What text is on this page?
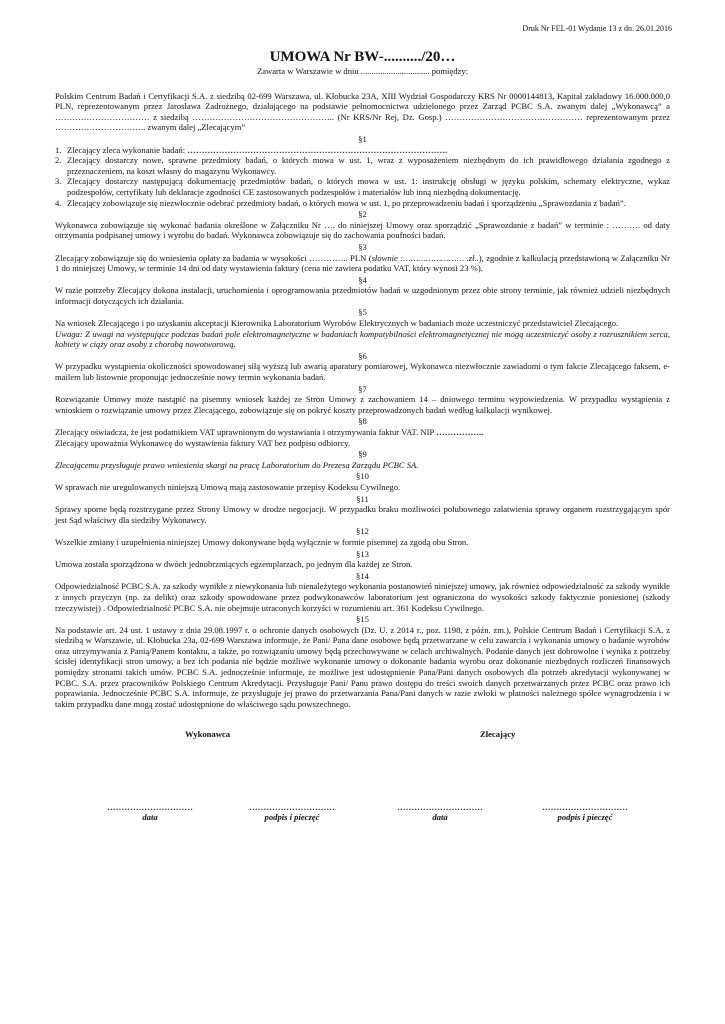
Druk Nr FEL-01 Wydanie 13 z dn. 26.01.2016
UMOWA Nr BW-........../20…
Zawarta w Warszawie w dniu ................................ pomiędzy:

Polskim Centrum Badań i Certyfikacji S.A. z siedzibą 02-699 Warszawa, ul. Kłobucka 23A, XIII Wydział Gospodarczy KRS Nr 0000144813, Kapitał zakładowy 16.000.000,0 PLN, reprezentowanym przez Jarosława Zadrożnego, działającego na podstawie pełnomocnictwa udzielonego przez Zarząd PCBC S.A. zwanym dalej „Wykonawcą” a …………………………… z siedzibą ………………………………………….. (Nr KRS/Nr Rej, Dz. Gosp.) ………………………………………… reprezentowanym przez ………………………….. zwanym dalej „Zlecającym”

§1
1. Zlecający zleca wykonanie badań: ……………………………………………………………………………….
2. Zlecający dostarczy nowe, sprawne przedmioty badań, o których mowa w ust. 1, wraz z wyposażeniem niezbędnym do ich prawidłowego działania zgodnego z przeznaczeniem, na koszt własny do magazynu Wykonawcy.
3. Zlecający dostarczy następującą dokumentację przedmiotów badań, o których mowa w ust. 1: instrukcję obsługi w języku polskim, schematy elektryczne, wykaz podzespołów, certyfikaty lub deklaracje zgodności CE zastosowanych podzespołów i materiałów lub inną niezbędną dokumentację.
4. Zlecający zobowiązuje się niezwłocznie odebrać przedmioty badań, o których mowa w ust. 1, po przeprowadzeniu badań i sporządzeniu „Sprawozdania z badań”.
§2

Wykonawca zobowiązuje się wykonać badania określone w Załączniku Nr …. do niniejszej Umowy oraz sporządzić „Sprawozdanie z badań” w terminie : ………. od daty otrzymania podpisanej umowy i wyrobu do badań. Wykonawca zobowiązuje się do zachowania poufności badań.

§3

Zlecający zobowiązuje się do wniesienia opłaty za badania w wysokości ………….. PLN (słownie :…………………… .zł..), zgodnie z kalkulacją przedstawioną w Załączniku Nr 1 do niniejszej Umowy, w terminie 14 dni od daty wystawienia faktury (cena nie zawiera podatku VAT, który wynosi 23 %).

§4

W razie potrzeby Zlecający dokona instalacji, uruchomienia i oprogramowania przedmiotów badań w uzgodnionym przez obie strony terminie, jak również udzieli niezbędnych informacji dotyczących ich działania.

§5

Na wniosek Zlecającego i po uzyskaniu akceptacji Kierownika Laboratorium Wyrobów Elektrycznych w badaniach może uczestniczyć przedstawiciel Zlecającego.

Uwaga: Z uwagi na występujące podczas badań pole elektromagnetyczne w badaniach kompatybilności elektromagnetycznej nie mogą uczestniczyć osoby z rozrusznikiem serca, kobiety w ciąży oraz osoby z chorobą nowotworową.

§6

W przypadku wystąpienia okoliczności spowodowanej siłą wyższą lub awarią aparatury pomiarowej, Wykonawca niezwłocznie zawiadomi o tym fakcie Zlecającego faksem, e-mailem lub listownie proponując jednocześnie nowy termin wykonania badań.

§7

Rozwiązanie Umowy może nastąpić na pisemny wniosek każdej ze Stron Umowy z zachowaniem 14 – dniowego terminu wypowiedzenia. W przypadku wystąpienia z wnioskiem o rozwiązanie umowy przez Zlecającego, zobowiązuje się on pokryć koszty przeprowadzonych badań według kalkulacji wynikowej.

§8

Zlecający oświadcza, że jest podatnikiem VAT uprawnionym do wystawiania i otrzymywania faktur VAT. NIP ……………..

Zlecający upoważnia Wykonawcę do wystawienia faktury VAT bez podpisu odbiorcy.

§9

Zlecającemu przysługuje prawo wniesienia skargi na pracę Laboratorium do Prezesa Zarządu PCBC SA.

§10

W sprawach nie uregulowanych niniejszą Umową mają zastosowanie przepisy Kodeksu Cywilnego.

§11

Sprawy sporne będą rozstrzygane przez Strony Umowy w drodze negocjacji. W przypadku braku możliwości polubownego załatwienia sprawy organem rozstrzygającym spór jest Sąd właściwy dla siedziby Wykonawcy.

§12

Wszelkie zmiany i uzupełnienia niniejszej Umowy dokonywane będą wyłącznie w formie pisemnej za zgodą obu Stron.

§13

Umowa została sporządzona w dwóch jednobrzmiących egzemplarzach, po jednym dla każdej ze Stron.

§14

Odpowiedzialność PCBC S.A. za szkody wynikłe z niewykonania lub nienależytego wykonania postanowień niniejszej umowy, jak również odpowiedzialność za szkody wynikłe z innych przyczyn (np. za delikt) oraz szkody spowodowane przez podwykonawców laboratorium jest ograniczona do wysokości szkody faktycznie poniesionej (szkody rzeczywistej) . Odpowiedzialność PCBC S.A. nie obejmuje utraconych korzyści w rozumieniu art. 361 Kodeksu Cywilnego.

§15

Na podstawie art. 24 ust. 1 ustawy z dnia 29.08.1997 r. o ochronie danych osobowych (Dz. U. z 2014 r., poz. 1198, z późn. zm.), Polskie Centrum Badań i Certyfikacji S.A. z siedzibą w Warszawie, ul. Kłobucka 23a, 02-699 Warszawa informuje, że Pani/ Pana dane osobowe będą przetwarzane w celu zawarcia i wykonania umowy o badanie wyrobów oraz utrzymywania z Panią/Panem kontaktu, a także, po rozwiązaniu umowy będą przechowywane w celach archiwalnych. Podanie danych jest dobrowolne i wynika z potrzeby ścisłej identyfikacji stron umowy, a bez ich podania nie będzie możliwe wykonanie umowy o dokonanie badania wyrobu oraz dokonanie niezbędnych rozliczeń finansowych pomiędzy stronami takich umów. PCBC S.A. jednocześnie informuje, że możliwe jest udostępnienie Pana/Pani danych osobowych dla potrzeb akredytacji wykonywanej w PCBC. S.A. przez pracowników Polskiego Centrum Akredytacji. Przysługuje Pani/ Panu prawo dostępu do treści swoich danych przetwarzanych przez PCBC oraz prawo ich poprawiania. Jednocześnie PCBC S.A. informuje, że przysługuje jej prawo do przetwarzania Pana/Pani danych w razie zwłoki w płatności należnego spółce wynagrodzenia i w takim przypadku dane mogą zostać udostępnione do właściwego sądu powszechnego.

Wykonawca	Zlecający
…………………………
data
…………………………
podpis i pieczęć
…………………………
data
…………………………
podpis i pieczęć
